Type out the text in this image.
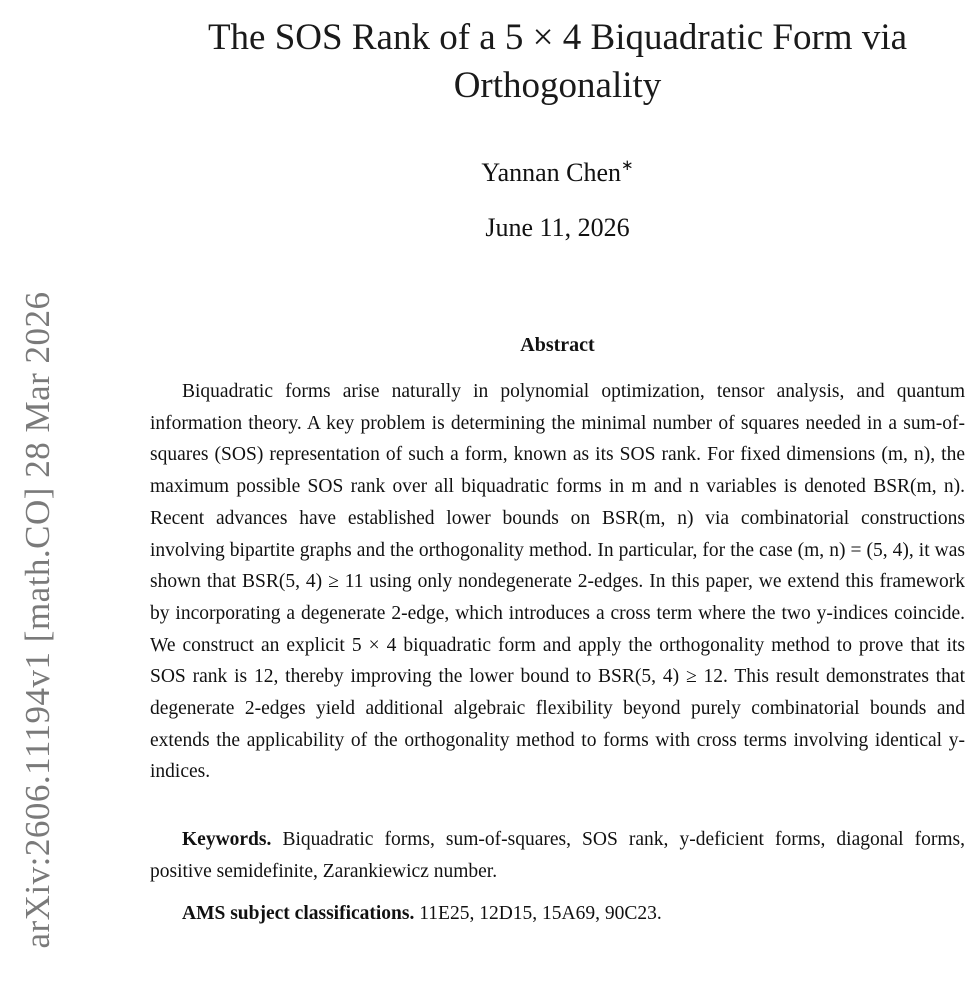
arXiv:2606.11194v1 [math.CO] 28 Mar 2026
The SOS Rank of a 5 × 4 Biquadratic Form via Orthogonality
Yannan Chen∗
June 11, 2026
Abstract

Biquadratic forms arise naturally in polynomial optimization, tensor analysis, and quantum information theory. A key problem is determining the minimal number of squares needed in a sum-of-squares (SOS) representation of such a form, known as its SOS rank. For fixed dimensions (m, n), the maximum possible SOS rank over all biquadratic forms in m and n variables is denoted BSR(m, n). Recent advances have established lower bounds on BSR(m, n) via combinatorial constructions involving bipartite graphs and the orthogonality method. In particular, for the case (m, n) = (5, 4), it was shown that BSR(5, 4) ≥ 11 using only nondegenerate 2-edges. In this paper, we extend this framework by incorporating a degenerate 2-edge, which introduces a cross term where the two y-indices coincide. We construct an explicit 5 × 4 biquadratic form and apply the orthogonality method to prove that its SOS rank is 12, thereby improving the lower bound to BSR(5, 4) ≥ 12. This result demonstrates that degenerate 2-edges yield additional algebraic flexibility beyond purely combinatorial bounds and extends the applicability of the orthogonality method to forms with cross terms involving identical y-indices.

Keywords. Biquadratic forms, sum-of-squares, SOS rank, y-deficient forms, diagonal forms, positive semidefinite, Zarankiewicz number.

AMS subject classifications. 11E25, 12D15, 15A69, 90C23.
